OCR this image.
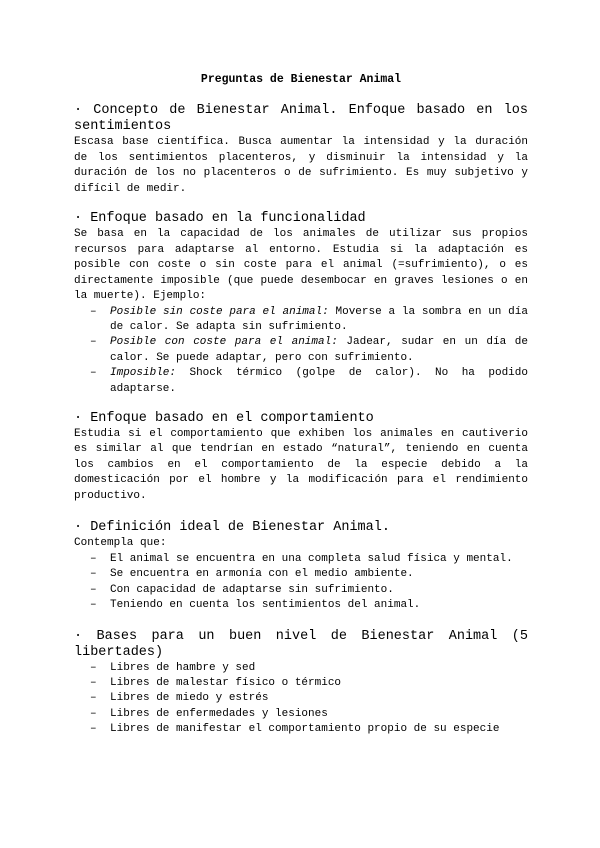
Preguntas de Bienestar Animal

· Concepto de Bienestar Animal. Enfoque basado en los sentimientos

Escasa base científica. Busca aumentar la intensidad y la duración de los sentimientos placenteros, y disminuir la intensidad y la duración de los no placenteros o de sufrimiento. Es muy subjetivo y difícil de medir.

· Enfoque basado en la funcionalidad

Se basa en la capacidad de los animales de utilizar sus propios recursos para adaptarse al entorno. Estudia si la adaptación es posible con coste o sin coste para el animal (=sufrimiento), o es directamente imposible (que puede desembocar en graves lesiones o en la muerte). Ejemplo:

– Posible sin coste para el animal: Moverse a la sombra en un día de calor. Se adapta sin sufrimiento.
– Posible con coste para el animal: Jadear, sudar en un día de calor. Se puede adaptar, pero con sufrimiento.
– Imposible: Shock térmico (golpe de calor). No ha podido adaptarse.

· Enfoque basado en el comportamiento

Estudia si el comportamiento que exhiben los animales en cautiverio es similar al que tendrían en estado “natural”, teniendo en cuenta los cambios en el comportamiento de la especie debido a la domesticación por el hombre y la modificación para el rendimiento productivo.

· Definición ideal de Bienestar Animal.

Contempla que:

– El animal se encuentra en una completa salud física y mental.
– Se encuentra en armonía con el medio ambiente.
– Con capacidad de adaptarse sin sufrimiento.
– Teniendo en cuenta los sentimientos del animal.

· Bases para un buen nivel de Bienestar Animal (5 libertades)

– Libres de hambre y sed
– Libres de malestar físico o térmico
– Libres de miedo y estrés
– Libres de enfermedades y lesiones
– Libres de manifestar el comportamiento propio de su especie
